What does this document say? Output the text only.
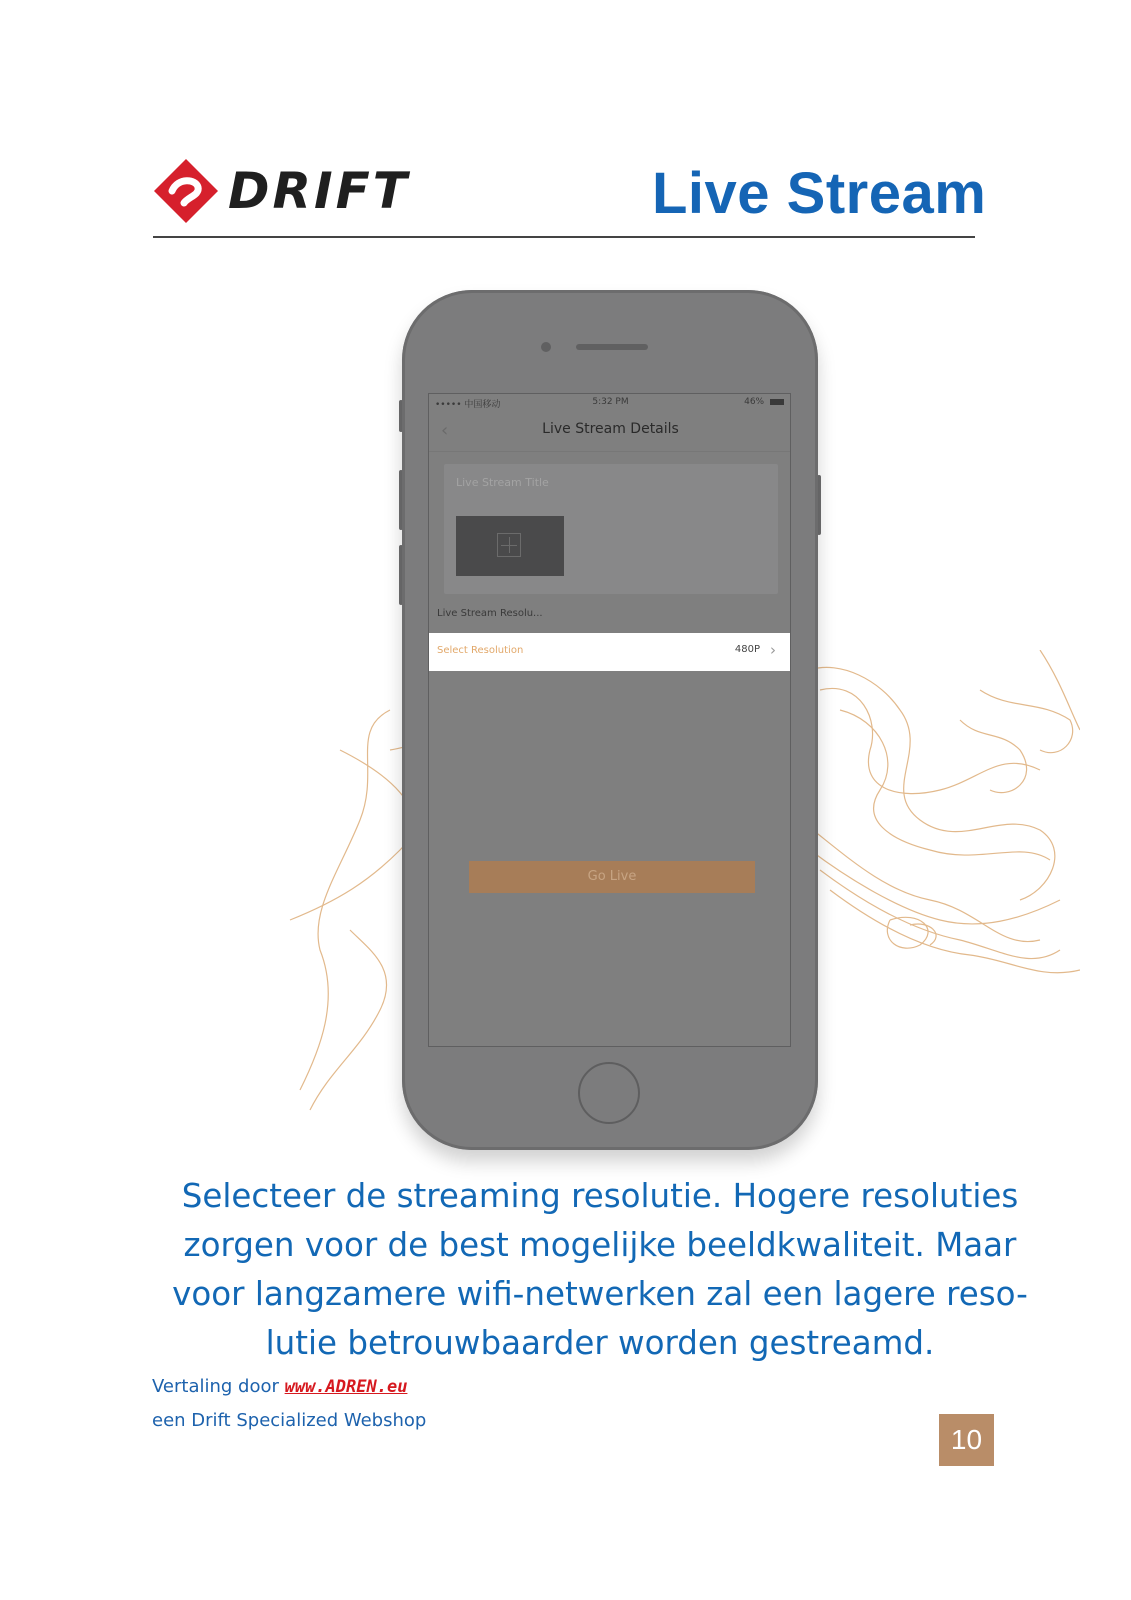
DRIFT	Live Stream
••••• 中国移动	5:32 PM	46%
‹	Live Stream Details
Live Stream Title
Live Stream Resolu...
Select Resolution	480P ›
Go Live
Selecteer de streaming resolutie. Hogere resoluties zorgen voor de best mogelijke beeldkwaliteit. Maar voor langzamere wifi-netwerken zal een lagere reso-lutie betrouwbaarder worden gestreamd.
Vertaling door www.ADREN.eu
een Drift Specialized Webshop
10
